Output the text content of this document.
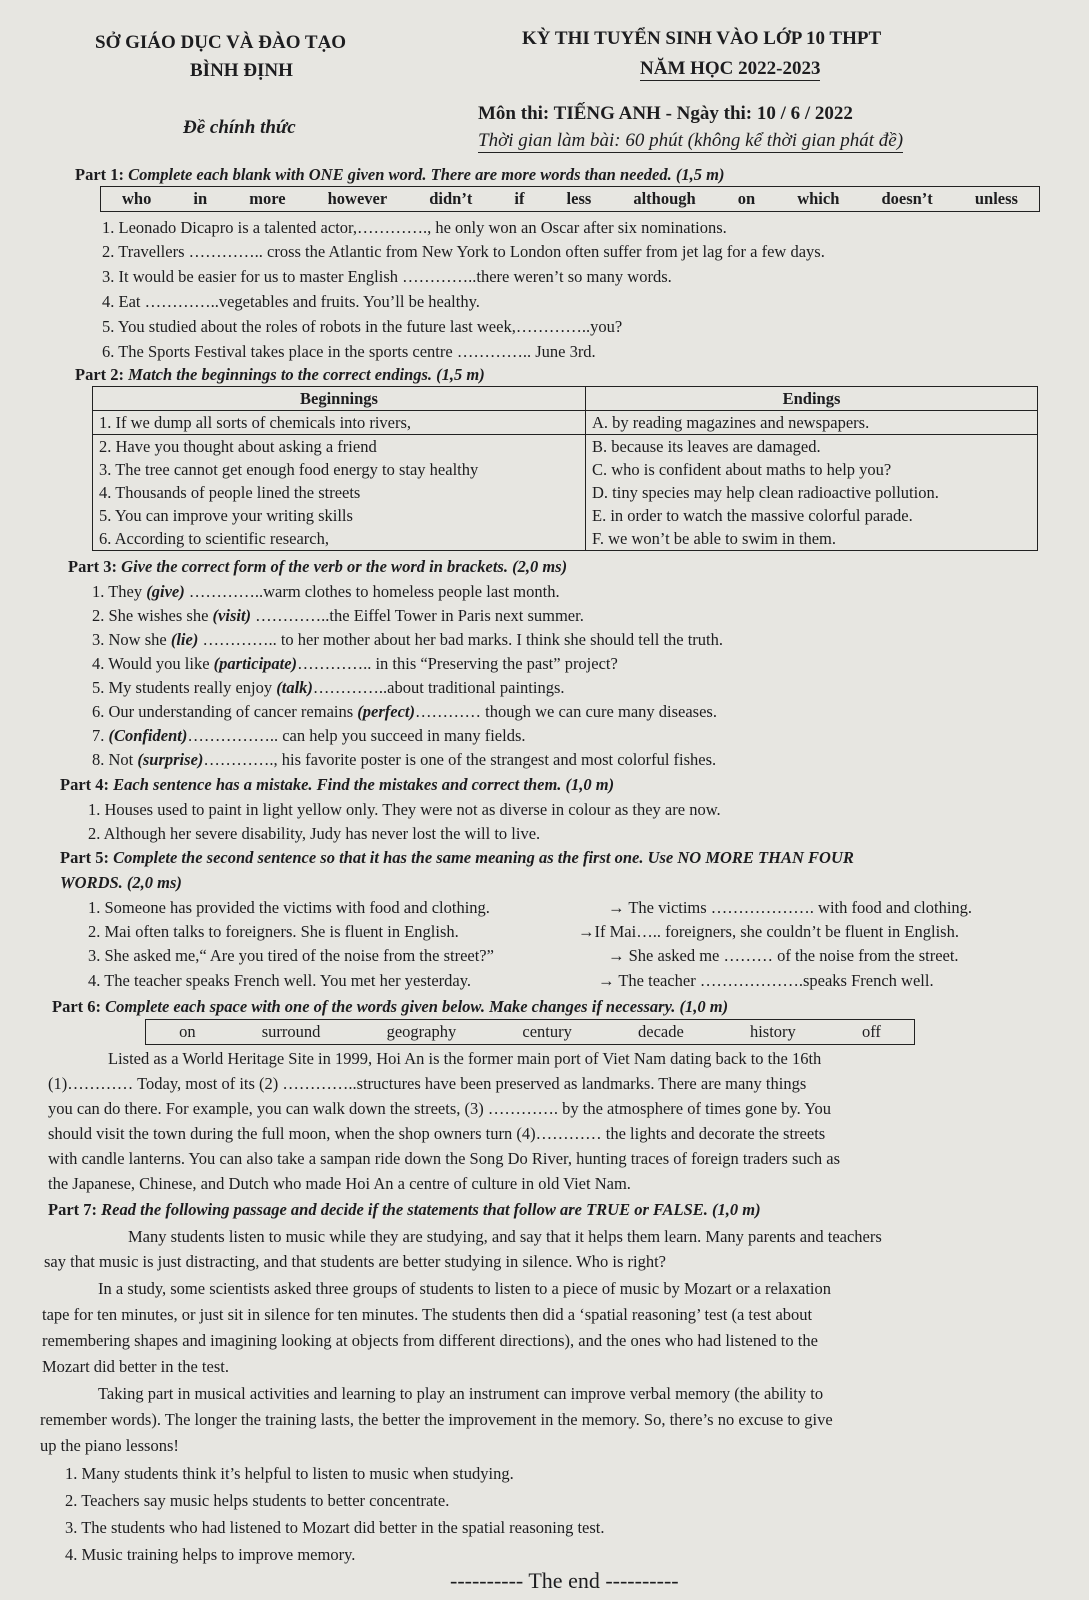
SỞ GIÁO DỤC VÀ ĐÀO TẠO
BÌNH ĐỊNH
KỲ THI TUYỂN SINH VÀO LỚP 10 THPT
NĂM HỌC 2022-2023
Đề chính thức
Môn thi: TIẾNG ANH - Ngày thi: 10 / 6 / 2022
Thời gian làm bài: 60 phút (không kể thời gian phát đề)
Part 1: Complete each blank with ONE given word. There are more words than needed. (1,5 m)
who	in	more	however	didn’t	if	less	although	on	which	doesn’t	unless
1. Leonado Dicapro is a talented actor,…………., he only won an Oscar after six nominations.
2. Travellers ………….. cross the Atlantic from New York to London often suffer from jet lag for a few days.
3. It would be easier for us to master English …………..there weren’t so many words.
4. Eat …………..vegetables and fruits. You’ll be healthy.
5. You studied about the roles of robots in the future last week,…………..you?
6. The Sports Festival takes place in the sports centre ………….. June 3rd.
Part 2: Match the beginnings to the correct endings. (1,5 m)
Beginnings	Endings
1. If we dump all sorts of chemicals into rivers,	A. by reading magazines and newspapers.
2. Have you thought about asking a friend	B. because its leaves are damaged.
3. The tree cannot get enough food energy to stay healthy	C. who is confident about maths to help you?
4. Thousands of people lined the streets	D. tiny species may help clean radioactive pollution.
5. You can improve your writing skills	E. in order to watch the massive colorful parade.
6. According to scientific research,	F. we won’t be able to swim in them.
Part 3: Give the correct form of the verb or the word in brackets. (2,0 ms)
1. They (give) …………..warm clothes to homeless people last month.
2. She wishes she (visit) …………..the Eiffel Tower in Paris next summer.
3. Now she (lie) ………….. to her mother about her bad marks. I think she should tell the truth.
4. Would you like (participate)………….. in this “Preserving the past” project?
5. My students really enjoy (talk)…………..about traditional paintings.
6. Our understanding of cancer remains (perfect)………… though we can cure many diseases.
7. (Confident)…………….. can help you succeed in many fields.
8. Not (surprise)…………., his favorite poster is one of the strangest and most colorful fishes.
Part 4: Each sentence has a mistake. Find the mistakes and correct them. (1,0 m)
1. Houses used to paint in light yellow only. They were not as diverse in colour as they are now.
2. Although her severe disability, Judy has never lost the will to live.
Part 5: Complete the second sentence so that it has the same meaning as the first one. Use NO MORE THAN FOUR
WORDS. (2,0 ms)
1. Someone has provided the victims with food and clothing.	→ The victims ………………. with food and clothing.
2. Mai often talks to foreigners. She is fluent in English.	→If Mai….. foreigners, she couldn’t be fluent in English.
3. She asked me,“ Are you tired of the noise from the street?”	→ She asked me ……… of the noise from the street.
4. The teacher speaks French well. You met her yesterday.	→ The teacher ……………….speaks French well.
Part 6: Complete each space with one of the words given below. Make changes if necessary. (1,0 m)
on	surround	geography	century	decade	history	off
Listed as a World Heritage Site in 1999, Hoi An is the former main port of Viet Nam dating back to the 16th
(1)………… Today, most of its (2) …………..structures have been preserved as landmarks. There are many things
you can do there. For example, you can walk down the streets, (3) …………. by the atmosphere of times gone by. You
should visit the town during the full moon, when the shop owners turn (4)………… the lights and decorate the streets
with candle lanterns. You can also take a sampan ride down the Song Do River, hunting traces of foreign traders such as
the Japanese, Chinese, and Dutch who made Hoi An a centre of culture in old Viet Nam.
Part 7: Read the following passage and decide if the statements that follow are TRUE or FALSE. (1,0 m)
Many students listen to music while they are studying, and say that it helps them learn. Many parents and teachers
say that music is just distracting, and that students are better studying in silence. Who is right?
In a study, some scientists asked three groups of students to listen to a piece of music by Mozart or a relaxation
tape for ten minutes, or just sit in silence for ten minutes. The students then did a ‘spatial reasoning’ test (a test about
remembering shapes and imagining looking at objects from different directions), and the ones who had listened to the
Mozart did better in the test.
Taking part in musical activities and learning to play an instrument can improve verbal memory (the ability to
remember words). The longer the training lasts, the better the improvement in the memory. So, there’s no excuse to give
up the piano lessons!
1. Many students think it’s helpful to listen to music when studying.
2. Teachers say music helps students to better concentrate.
3. The students who had listened to Mozart did better in the spatial reasoning test.
4. Music training helps to improve memory.
---------- The end ----------
